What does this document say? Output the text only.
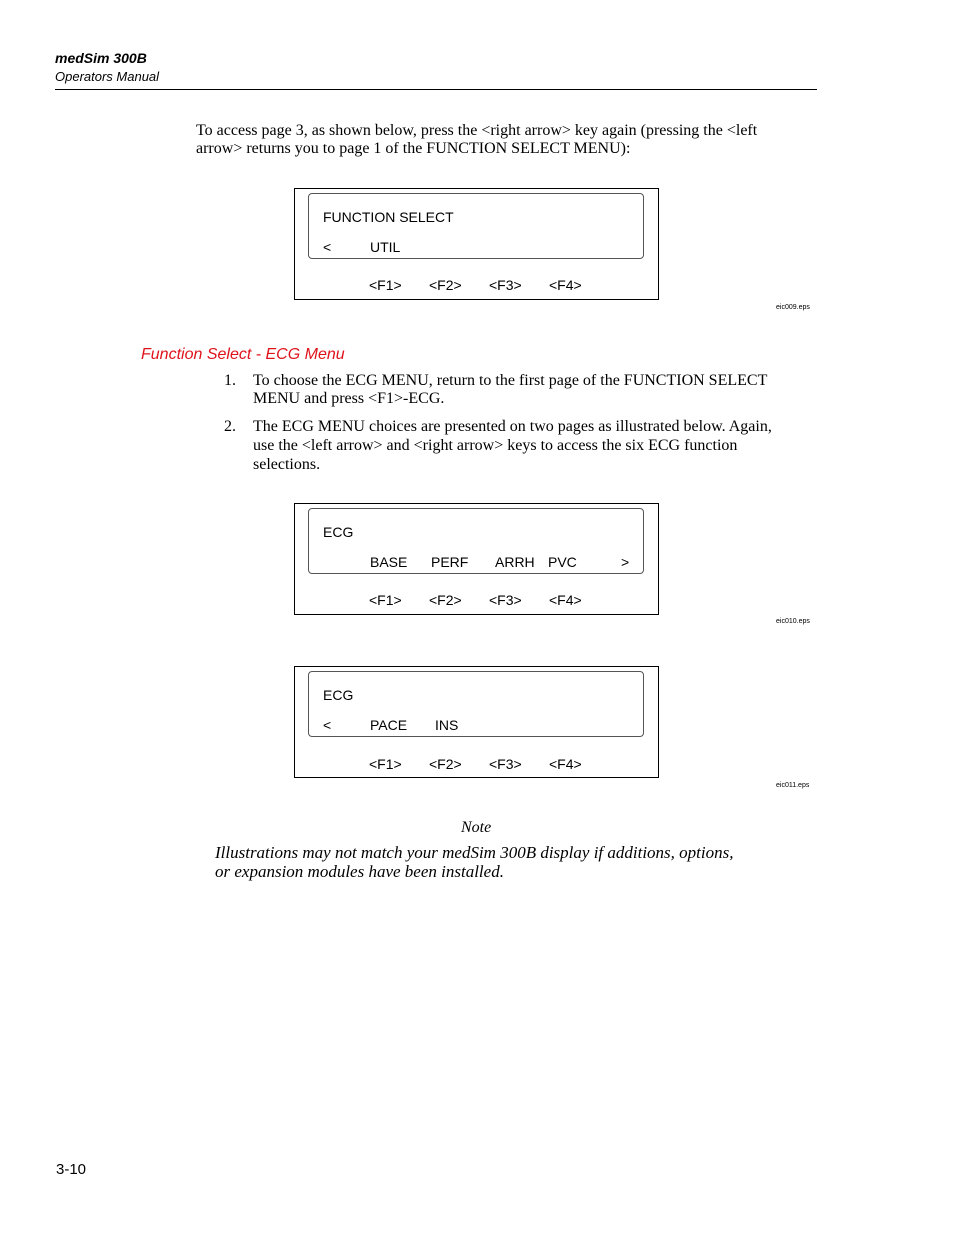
medSim 300B
Operators Manual
To access page 3, as shown below, press the <right arrow> key again (pressing the <left
arrow> returns you to page 1 of the FUNCTION SELECT MENU):
FUNCTION SELECT
<	UTIL
<F1> <F2> <F3> <F4>
eic009.eps
Function Select - ECG Menu
1. To choose the ECG MENU, return to the first page of the FUNCTION SELECT
MENU and press <F1>-ECG.
2. The ECG MENU choices are presented on two pages as illustrated below. Again,
use the <left arrow> and <right arrow> keys to access the six ECG function
selections.
ECG
BASE PERF ARRH PVC	>
<F1> <F2> <F3> <F4>
eic010.eps
ECG
<	PACE INS
<F1> <F2> <F3> <F4>
eic011.eps
Note
Illustrations may not match your medSim 300B display if additions, options,
or expansion modules have been installed.
3-10
